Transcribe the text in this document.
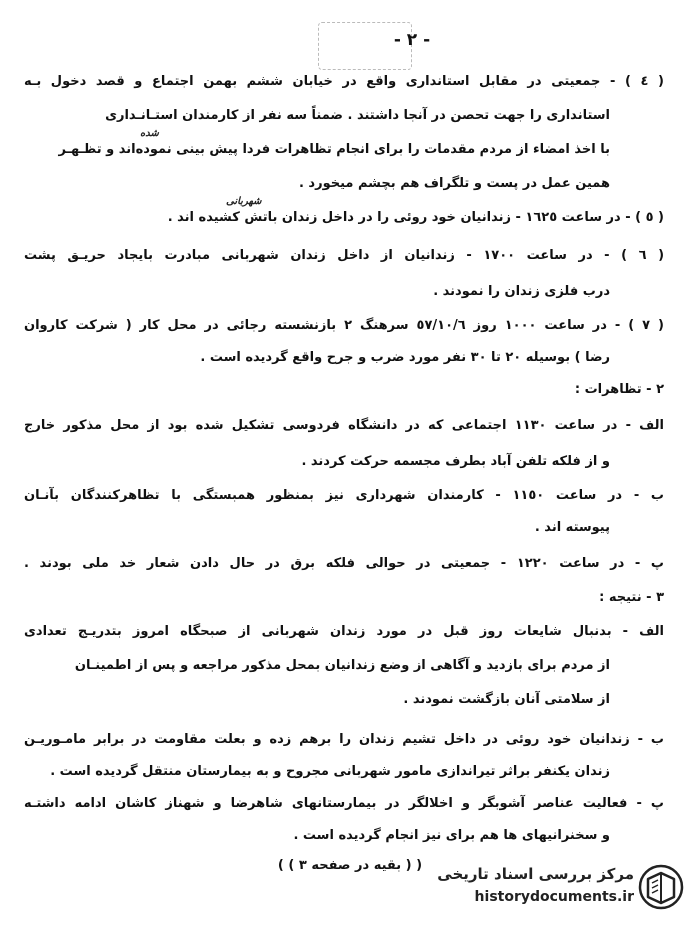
- ٢ -
( ٤ ) - جمعیتی در مقابل استانداری واقع در خیابان ششم بهمن اجتماع و قصد دخول بـه
استانداری را جهت تحصن در آنجا داشتند . ضمناً سه نفر از کارمندان استـانـداری
شده
با اخذ امضاء از مردم مقدمات را برای انجام تظاهرات فردا پیش بینی نموده‌اند و تظـهـر
همین عمل در پست و تلگراف هم بچشم میخورد .
شهربانی
( ٥ ) - در ساعت ١٦٢٥ - زندانیان خود روئی را در داخل زندان باتش کشیده اند .
( ٦ ) - در ساعت ١٧٠٠ - زندانیان از داخل زندان شهربانی مبادرت بایجاد حریـق پشت
درب فلزی زندان را نمودند .
( ٧ ) - در ساعت ١٠٠٠ روز ٥٧/١٠/٦ سرهنگ ۲ بازنشسته رجائی در محل کار ( شرکت کاروان
رضا ) بوسیله ٢٠ تا ٣٠ نفر مورد ضرب و جرح واقع گردیده است .
٢ - تظاهرات :
الف - در ساعت ١١٣٠ اجتماعی که در دانشگاه فردوسی تشکیل شده بود از محل مذکور خارج
و از فلکه تلفن آباد بطرف مجسمه حرکت کردند .
ب - در ساعت ١١٥٠ - کارمندان شهرداری نیز بمنظور همبستگی با تظاهرکنندگان بآنـان
پیوسته اند .
پ - در ساعت ١٢٢٠ - جمعیتی در حوالی فلکه برق در حال دادن شعار خد ملی بودند .
٣ - نتیجه :
الف - بدنبال شایعات روز قبل در مورد زندان شهربانی از صبحگاه امروز بتدریـج تعدادی
از مردم برای بازدید و آگاهی از وضع زندانیان بمحل مذکور مراجعه و پس از اطمینـان
از سلامتی آنان بازگشت نمودند .
ب - زندانیان خود روئی در داخل تشیم زندان را برهم زده و بعلت مقاومت در برابر مامـوریـن
زندان یکنفر براثر تیراندازی مامور شهربانی مجروح و به بیمارستان منتقل گردیده است .
پ - فعالیت عناصر آشوبگر و اخلالگر در بیمارستانهای شاهرضا و شهناز کاشان ادامه داشتـه
و سخنرانیهای ها هم برای نیز انجام گردیده است .
( ( بقیه در صفحه ٣ ) )	مرکز بررسی اسناد تاریخی
historydocuments.ir
